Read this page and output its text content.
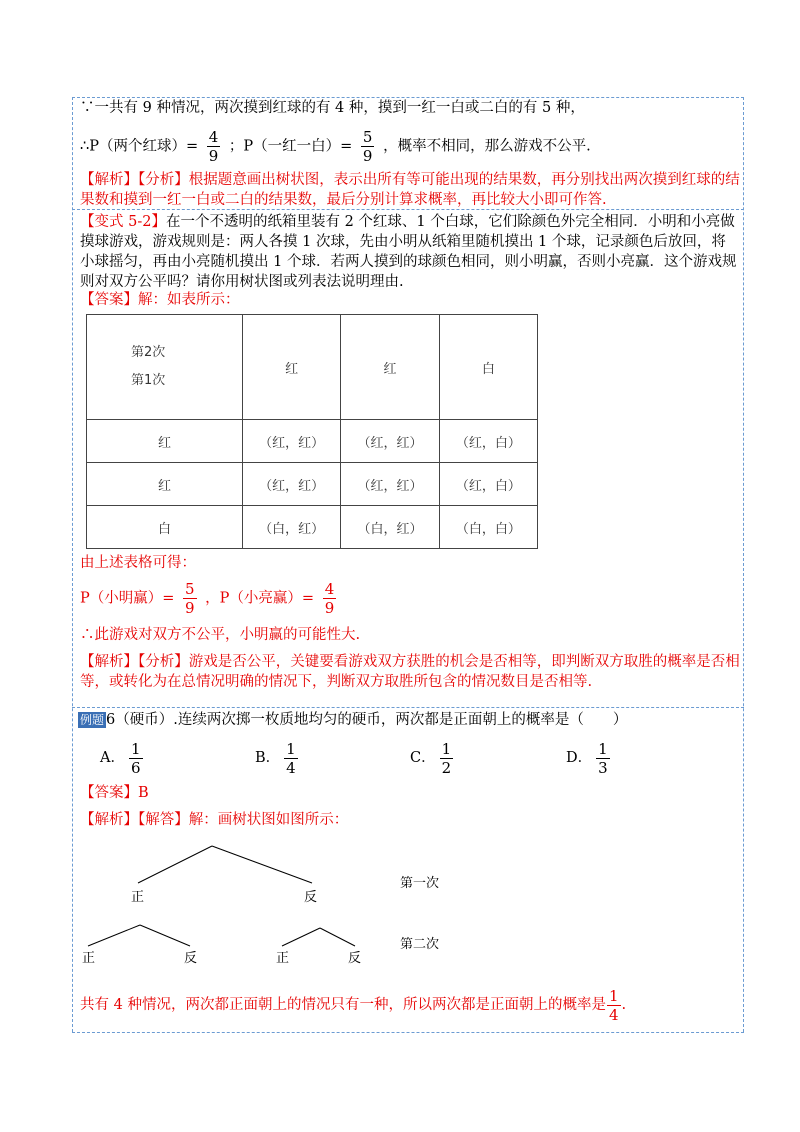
∵一共有 9 种情况，两次摸到红球的有 4 种，摸到一红一白或二白的有 5 种，
∴P（两个红球）= $\frac{4}{9}$ ；P（一红一白）= $\frac{5}{9}$ ，概率不相同，那么游戏不公平.
【解析】【分析】根据题意画出树状图，表示出所有等可能出现的结果数，再分别找出两次摸到红球的结果数和摸到一红一白或二白的结果数，最后分别计算求概率，再比较大小即可作答.
【变式 5-2】在一个不透明的纸箱里装有 2 个红球、1 个白球，它们除颜色外完全相同．小明和小亮做摸球游戏，游戏规则是：两人各摸 1 次球，先由小明从纸箱里随机摸出 1 个球，记录颜色后放回，将小球摇匀，再由小亮随机摸出 1 个球．若两人摸到的球颜色相同，则小明赢，否则小亮赢．这个游戏规则对双方公平吗？请你用树状图或列表法说明理由.
【答案】解：如表所示：
第2次
第1次	红	红	白
红	（红，红）	（红，红）	（红，白）
红	（红，红）	（红，红）	（红，白）
白	（白，红）	（白，红）	（白，白）
由上述表格可得：
P（小明赢）= $\frac{5}{9}$ ，P（小亮赢）= $\frac{4}{9}$
∴此游戏对双方不公平，小明赢的可能性大.
【解析】【分析】游戏是否公平，关键要看游戏双方获胜的机会是否相等，即判断双方取胜的概率是否相等，或转化为在总情况明确的情况下，判断双方取胜所包含的情况数目是否相等.
例题 6（硬币）.连续两次掷一枚质地均匀的硬币，两次都是正面朝上的概率是（　　）
A． $\frac{1}{6}$	B． $\frac{1}{4}$	C． $\frac{1}{2}$	D． $\frac{1}{3}$
【答案】B
【解析】【解答】解：画树状图如图所示：
正	反
正	反	正	反
第一次
第二次
共有 4 种情况，两次都正面朝上的情况只有一种，所以两次都是正面朝上的概率是 $\frac{1}{4}$ .
